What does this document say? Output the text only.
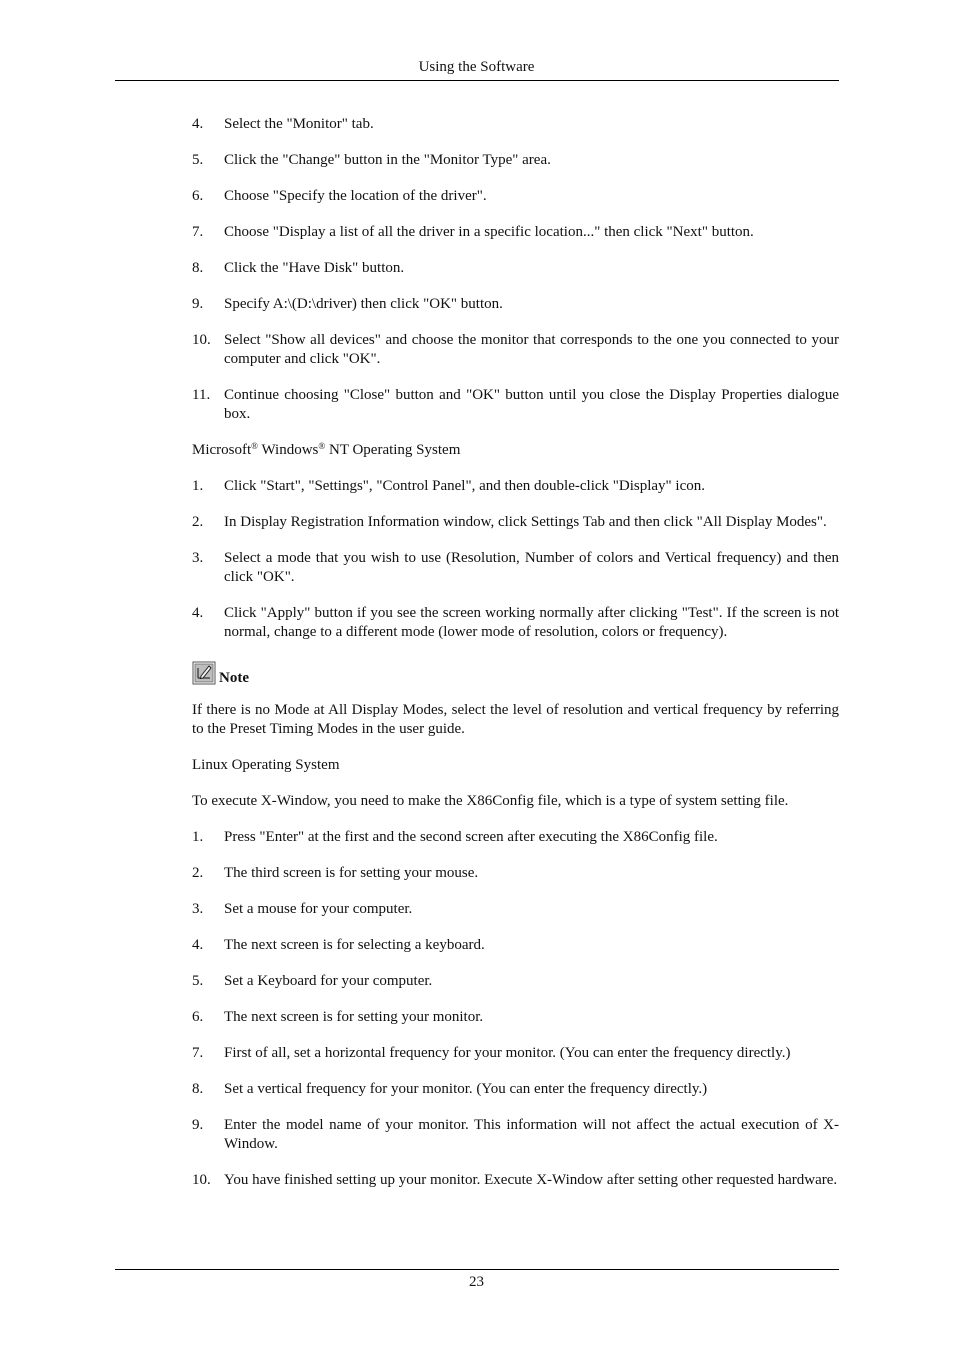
Using the Software
4. Select the "Monitor" tab.
5. Click the "Change" button in the "Monitor Type" area.
6. Choose "Specify the location of the driver".
7. Choose "Display a list of all the driver in a specific location..." then click "Next" button.
8. Click the "Have Disk" button.
9. Specify A:\(D:\driver) then click "OK" button.
10. Select "Show all devices" and choose the monitor that corresponds to the one you connected to your computer and click "OK".
11. Continue choosing "Close" button and "OK" button until you close the Display Properties dialogue box.

Microsoft® Windows® NT Operating System

1. Click "Start", "Settings", "Control Panel", and then double-click "Display" icon.
2. In Display Registration Information window, click Settings Tab and then click "All Display Modes".
3. Select a mode that you wish to use (Resolution, Number of colors and Vertical frequency) and then click "OK".
4. Click "Apply" button if you see the screen working normally after clicking "Test". If the screen is not normal, change to a different mode (lower mode of resolution, colors or frequency).
Note

If there is no Mode at All Display Modes, select the level of resolution and vertical frequency by referring to the Preset Timing Modes in the user guide.

Linux Operating System

To execute X-Window, you need to make the X86Config file, which is a type of system setting file.

1. Press "Enter" at the first and the second screen after executing the X86Config file.
2. The third screen is for setting your mouse.
3. Set a mouse for your computer.
4. The next screen is for selecting a keyboard.
5. Set a Keyboard for your computer.
6. The next screen is for setting your monitor.
7. First of all, set a horizontal frequency for your monitor. (You can enter the frequency directly.)
8. Set a vertical frequency for your monitor. (You can enter the frequency directly.)
9. Enter the model name of your monitor. This information will not affect the actual execution of X-Window.
10. You have finished setting up your monitor. Execute X-Window after setting other requested hardware.
23
